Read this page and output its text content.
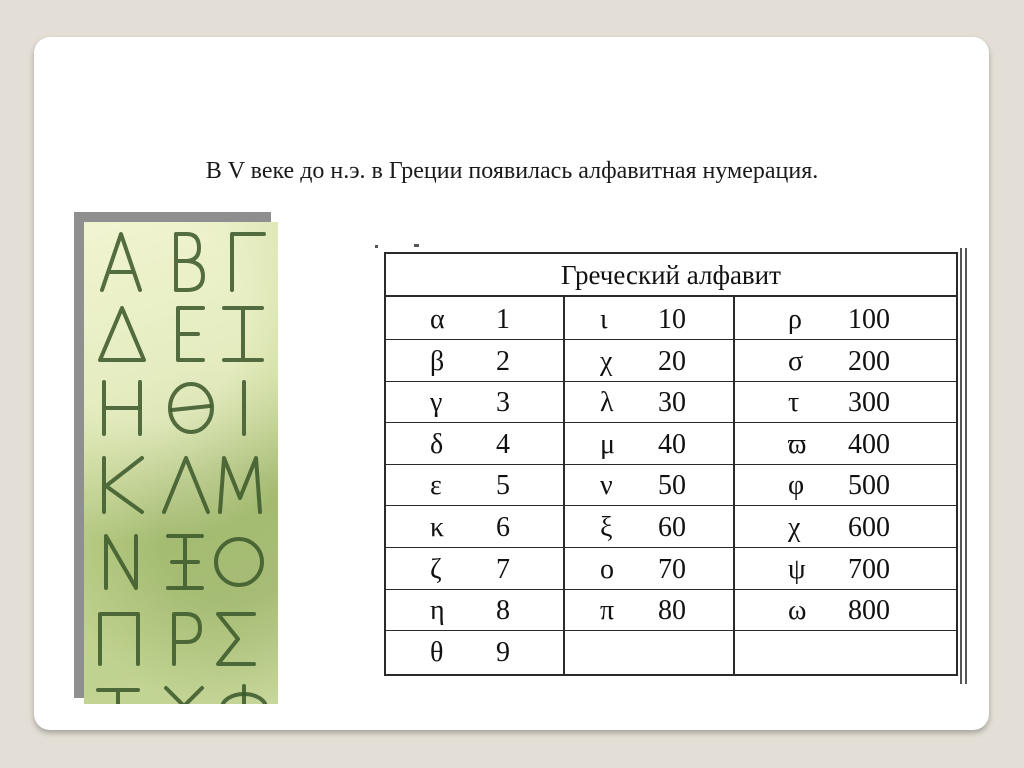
В V веке до н.э. в Греции появилась алфавитная нумерация.
Греческий алфавит
α 1	ι 10	ρ 100
β 2	χ 20	σ 200
γ 3	λ 30	τ 300
δ 4	μ 40	ϖ 400
ε 5	ν 50	φ 500
κ 6	ξ 60	χ 600
ζ 7	ο 70	ψ 700
η 8	π 80	ω 800
θ 9
